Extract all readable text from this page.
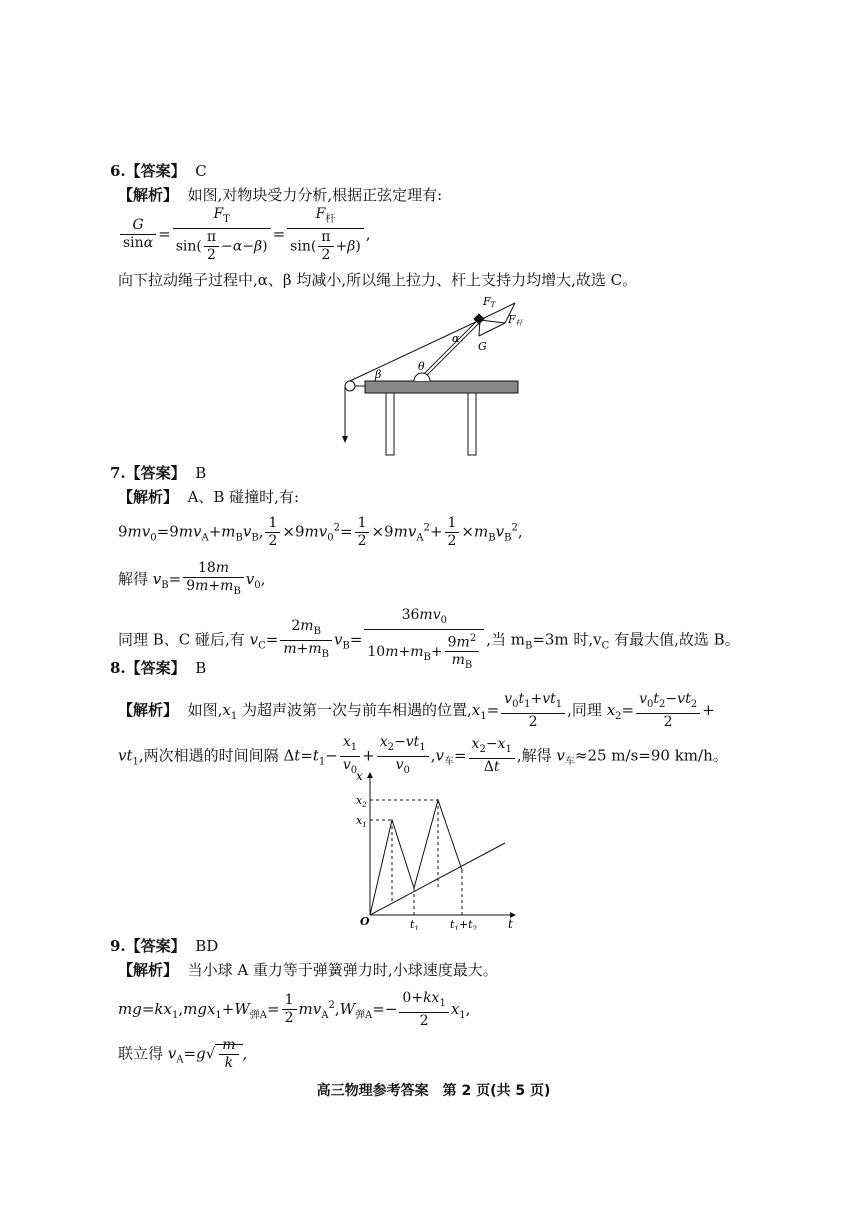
6.【答案】 C
【解析】 如图,对物块受力分析,根据正弦定理有:
$\frac{G}{\sin\alpha} = \frac{F_T}{\sin( \frac{\pi}{2} -\alpha-\beta)} = \frac{F_杆}{\sin( \frac{\pi}{2} +\beta)}$ ,
向下拉动绳子过程中,α、β 均减小,所以绳上拉力、杆上支持力均增大,故选 C。
FT
F杆
G
α
β
θ
7.【答案】 B
【解析】 A、B 碰撞时,有:
$9mv_0=9mv_A+m_Bv_B$, $\frac{1}{2} \times 9mv_0^2= \frac{1}{2} \times 9mv_A^2+ \frac{1}{2} \times m_Bv_B^2$,
解得 $v_B= \frac{18m}{9m+m_B} v_0$,
同理 B、C 碰后,有 $v_C= \frac{2m_B}{m+m_B} v_B= \frac{36mv_0}{10m+m_B+ \frac{9m^2}{m_B}}$ ,当 $m_B=3m$ 时$,v_C$ 有最大值,故选 B。
8.【答案】 B
【解析】 如图$,x_1$ 为超声波第一次与前车相遇的位置$,x_1= \frac{v_0t_1+vt_1}{2}$ ,同理 $x_2= \frac{v_0t_2-vt_2}{2}$ +
$vt_1$,两次相遇的时间间隔 $\Delta t=t_1- \frac{x_1}{v_0} + \frac{x_2-vt_1}{v_0} ,v_车= \frac{x_2-x_1}{\Delta t}$ ,解得 $v_车\approx 25$ m/s=90 km/h。
x
t
O
$x_2$
$x_1$
$t_1$	$t_1+t_2$
9.【答案】 BD
【解析】 当小球 A 重力等于弹簧弹力时,小球速度最大。
$mg=kx_1,mgx_1+W_{弹A}= \frac{1}{2} mv_A^2,W_{弹A}=- \frac{0+kx_1}{2} x_1$,
联立得 $v_A=g√ \frac{m}{k}$ ,
高三物理参考答案　第 2 页(共 5 页)
